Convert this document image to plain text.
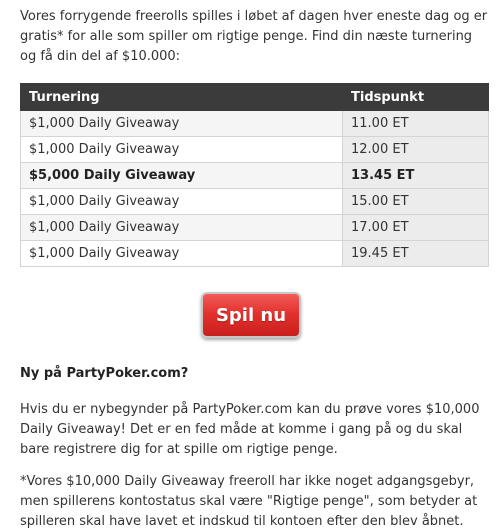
Vores forrygende freerolls spilles i løbet af dagen hver eneste dag og er gratis* for alle som spiller om rigtige penge. Find din næste turnering og få din del af $10.000:
Turnering	Tidspunkt
$1,000 Daily Giveaway	11.00 ET
$1,000 Daily Giveaway	12.00 ET
$5,000 Daily Giveaway	13.45 ET
$1,000 Daily Giveaway	15.00 ET
$1,000 Daily Giveaway	17.00 ET
$1,000 Daily Giveaway	19.45 ET
Spil nu
Ny på PartyPoker.com?
Hvis du er nybegynder på PartyPoker.com kan du prøve vores $10,000 Daily Giveaway! Det er en fed måde at komme i gang på og du skal bare registrere dig for at spille om rigtige penge.
*Vores $10,000 Daily Giveaway freeroll har ikke noget adgangsgebyr, men spillerens kontostatus skal være "Rigtige penge", som betyder at spilleren skal have lavet et indskud til kontoen efter den blev åbnet.
